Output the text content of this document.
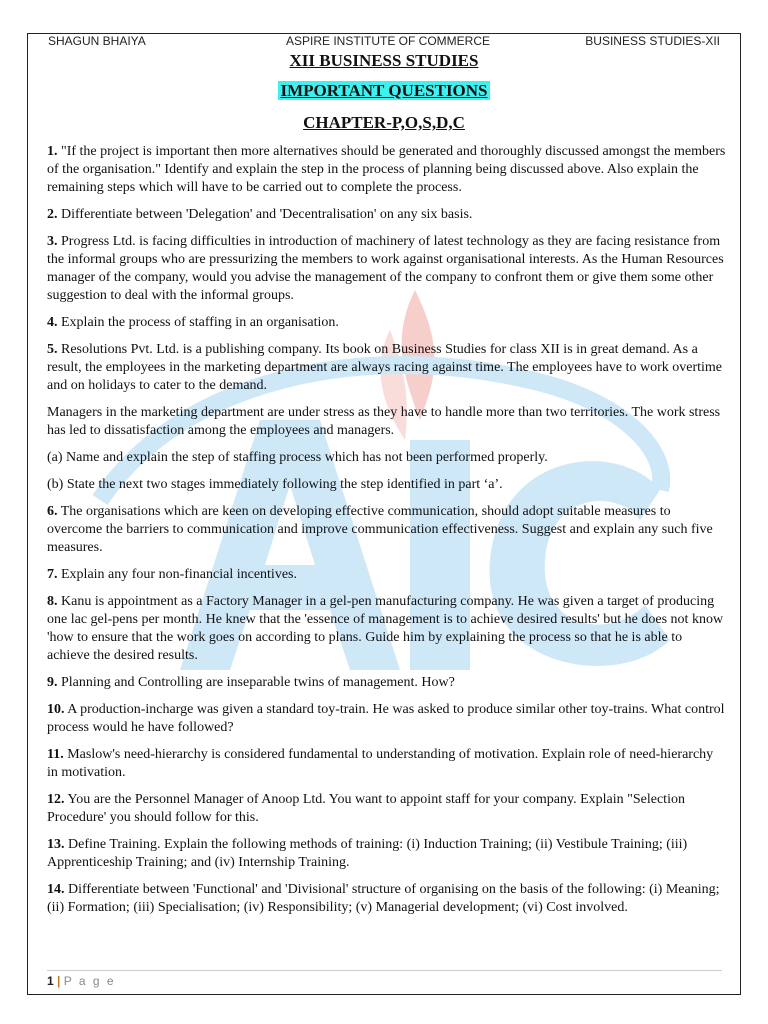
SHAGUN BHAIYA	ASPIRE INSTITUTE OF COMMERCE	BUSINESS STUDIES-XII
XII BUSINESS STUDIES
IMPORTANT QUESTIONS
CHAPTER-P,O,S,D,C

1. "If the project is important then more alternatives should be generated and thoroughly discussed amongst the members of the organisation." Identify and explain the step in the process of planning being discussed above. Also explain the remaining steps which will have to be carried out to complete the process.

2. Differentiate between 'Delegation' and 'Decentralisation' on any six basis.

3. Progress Ltd. is facing difficulties in introduction of machinery of latest technology as they are facing resistance from the informal groups who are pressurizing the members to work against organisational interests. As the Human Resources manager of the company, would you advise the management of the company to confront them or give them some other suggestion to deal with the informal groups.

4. Explain the process of staffing in an organisation.

5. Resolutions Pvt. Ltd. is a publishing company. Its book on Business Studies for class XII is in great demand. As a result, the employees in the marketing department are always racing against time. The employees have to work overtime and on holidays to cater to the demand.

Managers in the marketing department are under stress as they have to handle more than two territories. The work stress has led to dissatisfaction among the employees and managers.

(a) Name and explain the step of staffing process which has not been performed properly.

(b) State the next two stages immediately following the step identified in part ‘a’.

6. The organisations which are keen on developing effective communication, should adopt suitable measures to overcome the barriers to communication and improve communication effectiveness. Suggest and explain any such five measures.

7. Explain any four non-financial incentives.

8. Kanu is appointment as a Factory Manager in a gel-pen manufacturing company. He was given a target of producing one lac gel-pens per month. He knew that the 'essence of management is to achieve desired results' but he does not know 'how to ensure that the work goes on according to plans. Guide him by explaining the process so that he is able to achieve the desired results.

9. Planning and Controlling are inseparable twins of management. How?

10. A production-incharge was given a standard toy-train. He was asked to produce similar other toy-trains. What control process would he have followed?

11. Maslow's need-hierarchy is considered fundamental to understanding of motivation. Explain role of need-hierarchy in motivation.

12. You are the Personnel Manager of Anoop Ltd. You want to appoint staff for your company. Explain "Selection Procedure' you should follow for this.

13. Define Training. Explain the following methods of training: (i) Induction Training; (ii) Vestibule Training; (iii) Apprenticeship Training; and (iv) Internship Training.

14. Differentiate between 'Functional' and 'Divisional' structure of organising on the basis of the following: (i) Meaning; (ii) Formation; (iii) Specialisation; (iv) Responsibility; (v) Managerial development; (vi) Cost involved.

1 | P a g e
